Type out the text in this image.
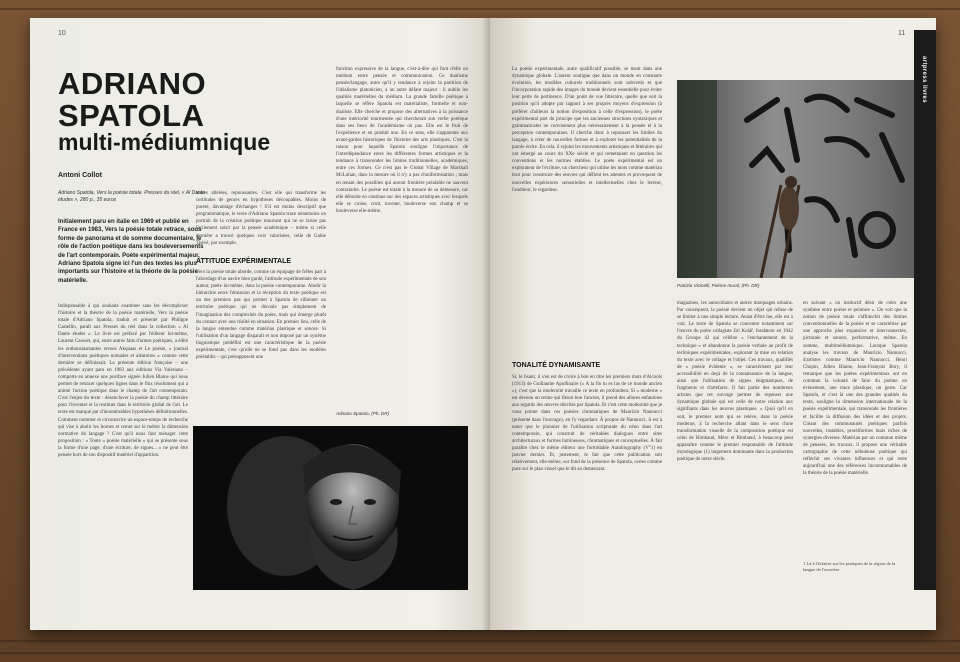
10
ADRIANO
SPATOLA
multi-médiumnique
Antoni Collot
Adriano Spatola, Vers la poésie totale. Presses du réel, « Al Dante études », 280 p., 35 euros
Initialement paru en italie en 1969 et publié en France en 1983, Vers la poésie totale retrace, sous forme de panorama et de somme documentaire, le rôle de l'action poétique dans les bouleversements de l'art contemporain. Poète expérimental majeur, Adriano Spatola signe ici l'un des textes les plus importants sur l'histoire et la théorie de la poésie matérielle.

Indispensable à qui souhaite examiner sans les décomplexer l'histoire et la théorie de la poésie matérielle, Vers la poésie totale d'Adriano Spatola, traduit et présenté par Philippe Castellin, paraît aux Presses du réel dans la collection « Al Dante études ». Le livre est préfacé par l'éditeur lui-même, Laurent Cauwet, qui, entre autres faits d'armes poétiques, a édité les enthousiasmantes revues Akquaas et Le poésie, « journal d'interventions poétiques nomades et aléatoires » comme cette dernière se définissait. La présente édition française – une précédente ayant paru en 1983 aux éditions Via Valeriano – comporte en annexe une postface signée Julien Blaine qui nous permet de retracer quelques lignes dans le flux résolument qui a animé l'action poétique dans le champ de l'art contemporain. C'est l'enjeu du texte : désenclaver la poésie du champ littéraire pour l'inventer et la restituer dans le territoire global de l'art. Le texte est marqué par d'innombrables hypothèses définitionnelles. Comment nommer et circonscrire un espace-temps de recherche qui vise à abolir les bornes et remet sur le métier la dimension normative du langage ? C'est qu'il nous faut ménager cette proposition : « Toute « poésie matérielle » qui se présente sous la forme d'une page, d'une écriture, de signes... » ne peut être pensée hors de son dispositif matériel d'apparition.

toutes altérées, repoussantes. C'est elle qui transforme les certitudes de genres en hypothèses découpables. Moins de pureté, davantage d'échanges ! S'il est moins descriptif que programmatique, le texte d'Adriano Spatola trace néanmoins un portrait de la création poétique mouvant qui ne se laisse pas facilement saisir par la pensée académique – même si celle dernière a trouvé quelques voix valorisées, celle de Gabie Thévé, par exemple.

ATTITUDE EXPÉRIMENTALE

Vers la poésie totale aborde, comme un équipage de frêles part à l'abordage d'un navire bien gardé, l'attitude expérimentale de son auteur, poète lui-même, dans la poésie contemporaine. Abolir la hiérarchie entre l'émission et la réception du texte poétique est un des premiers pas qui permet à Spatola de sillonner un territoire poétique qui ne découle pas simplement de l'imagination des complexités du poète, mais qui émerge plutôt du contact avec une réalité en situation. En premier lieu, celle de la langue entendue comme matériau plastique et sonore. Si l'utilisation d'un langage disparaît et non imposé par un système linguistique prédéfini est une caractéristique de la poésie expérimentale, c'est qu'elle ne se fond pas dans les modèles préétablis – qui présupposent une

fonction expressive de la langue, c'est-à-dire qui font d'elle un médium entre pensée et communication. Ce dualisme pensée/langage, autre qu'il y tendance à rejoint la partition de l'idéalisme platonicien, a un autre défaut majeur : il oublie les qualités matérielles du médium. La grande famille poétique à laquelle se réfère Spatola est matérialiste, formelle et non-dualiste. Elle cherche et propose des alternatives à la puissance d'une intériorité tourmentée qui chercherait son verbe poétique dans ses lieux de l'académisme où pas. Elle est le fruit de l'expérience et en produit une. En ce sens, elle s'apparente aux avant-gardes historiques de l'histoire des arts plastiques. C'est la raison pour laquelle Spatola souligne l'importance de l'interdépendance entre les différentes formes artistiques et la tendance à transcender les limites traditionnelles, académiques, entre ces formes. Ce n'est pas le Global Village de Marshall McLuhan, dans la mesure où il n'y a pas d'uniformisation ; mais en tenant des possibles qui auront frontière préalable ne sauvent contraindre. Le poésie est totale à la mesure de sa démesure, car elle déborde en continue sur des espaces artistiques avec lesquels elle se croise, croit, invente, bouleverse son champ et se bouleverse elle-même.

Adriano Spatola, (Ph. DR)
11

La poésie expérimentale, autre qualificatif possible, se meut dans une dynamique globale. L'auteur souligne que dans un monde en constante évolution, les modèles culturels traditionnels sont subvertis et que l'incorporation rapide des images du monde devient essentielle pour éviter leur perte de pertinence. D'un point de vue littéraire, quelle que soit la position qu'il adopte par rapport à ses propres moyens d'expression (à préférer d'ailleurs la notion d'exposition à celle d'expression), le poète expérimental part du principe que les anciennes structures syntaxiques et grammaticales ne conviennent plus nécessairement à la pensée et à la perception contemporaines. Il cherche donc à repousser les limites du langage, à créer de nouvelles formes et à explorer les potentialités de la parole écrite. En cela, il rejoint les mouvements artistiques et littéraires qui ont émergé au cours du XXe siècle et qui remettaient en question les conventions et les normes établies. Le poète expérimental est un explorateur de l'écriture, un chercheur qui utilise les mots comme matériau brut pour construire des œuvres qui défient les attentes et provoquent de nouvelles expériences sensorielles et intellectuelles chez le lecteur, l'auditeur, le regardeur.

TONALITÉ DYNAMISANTE

Si, le lisant, il s'en est de croire à bon en titre les premiers mots d'Alcools (1913) de Guillaume Apollinaire (« A la fin tu es las de ce monde ancien »), c'est que la modernité travaille ce texte en profondeur. Si « moderne » est devenu un terme qui fleure bon l'ancien, il prend des allures enfantines aux regards des œuvres décrites par Spatola. Et c'est cette modernité que je vous pointe dans ces poésies chromatiques de Maurizio Nannucci (présenté dans l'ouvrage), en l'y regardant. À propos de Nannucci, il est à noter que le pionnier de l'utilisation scripturale du néon dans l'art contemporain, qui construit de véritables dialogues entre sites architecturaux et formes lumineuses, chromatiques et conceptuelles. À fait paraître chez le même éditeur une formidable Autobiography (V°1) en janvier dernier. Et, justement, le fait que cette publication soit relativement, elle-même, sur fond de la présence de Spatola, certes comme pure sur le plan visuel que le dit au demeurant.

Patrizia Vicinelli, Poème mural, (Ph. DR)

magazines, les autocollants et autres marquages urbains. Par conséquent, la poésie devient un objet qui refuse de se limiter à une simple lecture. Avant d'être lue, elle est à voir. Le texte de Spatola se concentre notamment sur l'œuvre du poète collagiste Jiri Kolář, fondateur en 1942 du Groupe 42 qui célèbre « l'enchantement de la technique » et abandonne la poésie verbale au profit de techniques expérimentales, explorant la mise en relation du texte avec le collage et l'objet. Ces travaux, qualifiés de « poésie évidente », se caractérisent par leur accessibilité en deçà de la connaissance de la langue, ainsi que l'utilisation de signes énigmatiques, de fragments et d'artefacts. Il fait partie des nombreux artistes que cet ouvrage permet de repenser une dynamique globale qui est celle de notre relation aux signifiants dans les œuvres plastiques. « Quoi qu'il en soit, le premier nom qui se relève, dans la poésie moderne, à la recherche allant dans le sens d'une transformation visuelle de la composition poétique est celui de Rimbaud, Mère et Rimbaud, à beaucoup peut apparaître comme le premier responsable de l'attitude mytologique (1) largement dominante dans la production poétique de notre siècle.

en suivant « un instinctif désir de créer une synthèse entre poésie et peinture ». On voit que la notion de poésie totale s'affranchit des limites conventionnelles de la poésie et se caractérise par une approche plus expansive et interconnectée, picturale et sonore, performative, même. En somme, multimédiumnique. Lorsque Spatola analyse les travaux de Maurizio Nannucci, d'artistes comme Mauricio Nannucci, Henri Chopin, Julien Blaine, Jean-François Bory, il remarque que les poètes expérimentaux ont en commun la volonté de faire du poème un événement, une trace plastique, un geste. Car Spatola, et c'est là une des grandes qualités du texte, souligne la dimension internationale de la poésie expérimentale, qui transcende les frontières et facilite la diffusion des idées et des projets. Créant des communautés poétiques parfois nouvelles, instables, protéiformes mais riches de synergies diverses. Matériau par un commun même de pensées, les travaux, il propose une véritable cartographie de cette nébuleuse poétique qui refléchit ses vivantes influences et qui reste aujourd'hui une des références incontournables de la théorie de la poésie matérielle.

1 Là à l'éclairer sur les pratiques de la région de la langue de l'ouvrière.
artpress livres
